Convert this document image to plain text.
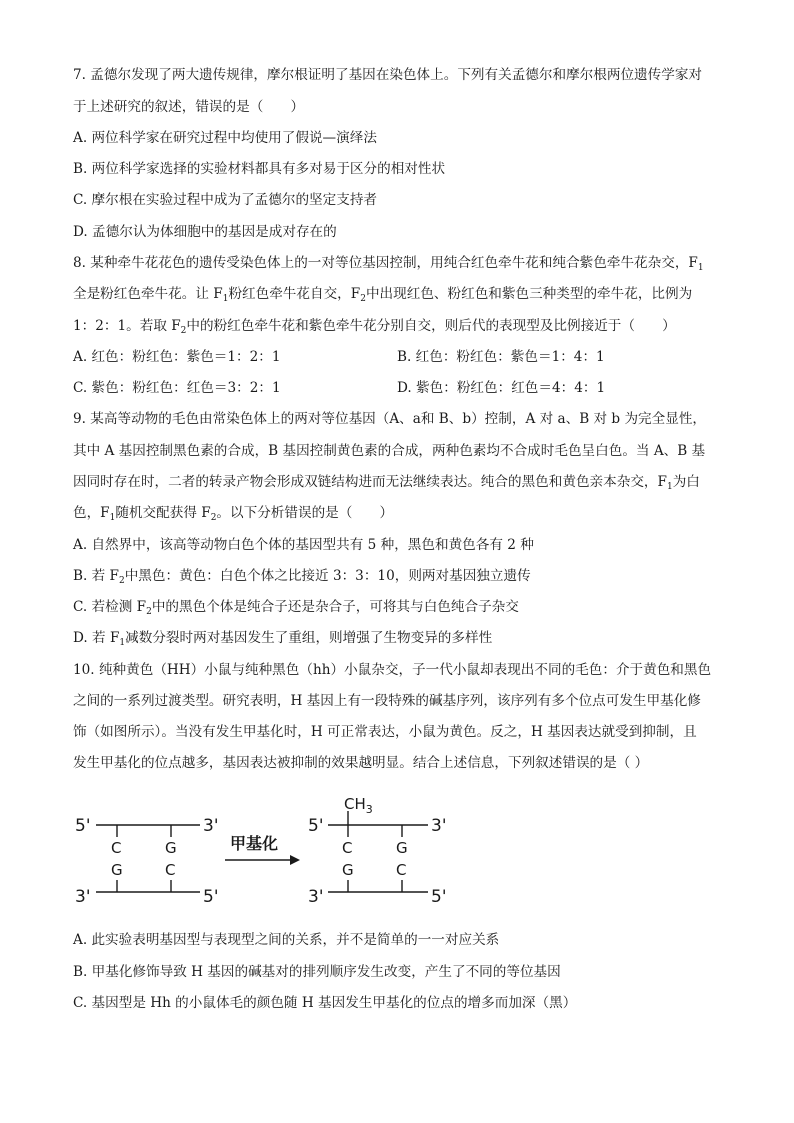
7. 孟德尔发现了两大遗传规律，摩尔根证明了基因在染色体上。下列有关孟德尔和摩尔根两位遗传学家对
于上述研究的叙述，错误的是（　　）
A. 两位科学家在研究过程中均使用了假说—演绎法
B. 两位科学家选择的实验材料都具有多对易于区分的相对性状
C. 摩尔根在实验过程中成为了孟德尔的坚定支持者
D. 孟德尔认为体细胞中的基因是成对存在的
8. 某种牵牛花花色的遗传受染色体上的一对等位基因控制，用纯合红色牵牛花和纯合紫色牵牛花杂交，$F_1$
全是粉红色牵牛花。让 $F_1$粉红色牵牛花自交，$F_2$中出现红色、粉红色和紫色三种类型的牵牛花，比例为
1：2：1。若取 $F_2$中的粉红色牵牛花和紫色牵牛花分别自交，则后代的表现型及比例接近于（　　）
A. 红色：粉红色：紫色＝1：2：1	B. 红色：粉红色：紫色＝1：4：1
C. 紫色：粉红色：红色＝3：2：1	D. 紫色：粉红色：红色＝4：4：1
9. 某高等动物的毛色由常染色体上的两对等位基因（A、a和 B、b）控制，A 对 a、B 对 b 为完全显性，
其中 A 基因控制黑色素的合成，B 基因控制黄色素的合成，两种色素均不合成时毛色呈白色。当 A、B 基
因同时存在时，二者的转录产物会形成双链结构进而无法继续表达。纯合的黑色和黄色亲本杂交，$F_1$为白
色，$F_1$随机交配获得 $F_2$。以下分析错误的是（　　）
A. 自然界中，该高等动物白色个体的基因型共有 5 种，黑色和黄色各有 2 种
B. 若 $F_2$中黑色：黄色：白色个体之比接近 3：3：10，则两对基因独立遗传
C. 若检测 $F_2$中的黑色个体是纯合子还是杂合子，可将其与白色纯合子杂交
D. 若 $F_1$减数分裂时两对基因发生了重组，则增强了生物变异的多样性
10. 纯种黄色（HH）小鼠与纯种黑色（hh）小鼠杂交，子一代小鼠却表现出不同的毛色：介于黄色和黑色
之间的一系列过渡类型。研究表明，H 基因上有一段特殊的碱基序列，该序列有多个位点可发生甲基化修
饰（如图所示）。当没有发生甲基化时，H 可正常表达，小鼠为黄色。反之，H 基因表达就受到抑制，且
发生甲基化的位点越多，基因表达被抑制的效果越明显。结合上述信息，下列叙述错误的是（ ）
5'	3'
C	G
G	C
3'	5'
甲基化
$CH_3$
5'	3'
C	G
G	C
3'	5'
A. 此实验表明基因型与表现型之间的关系，并不是简单的一一对应关系
B. 甲基化修饰导致 H 基因的碱基对的排列顺序发生改变，产生了不同的等位基因
C. 基因型是 Hh 的小鼠体毛的颜色随 H 基因发生甲基化的位点的增多而加深（黑）
